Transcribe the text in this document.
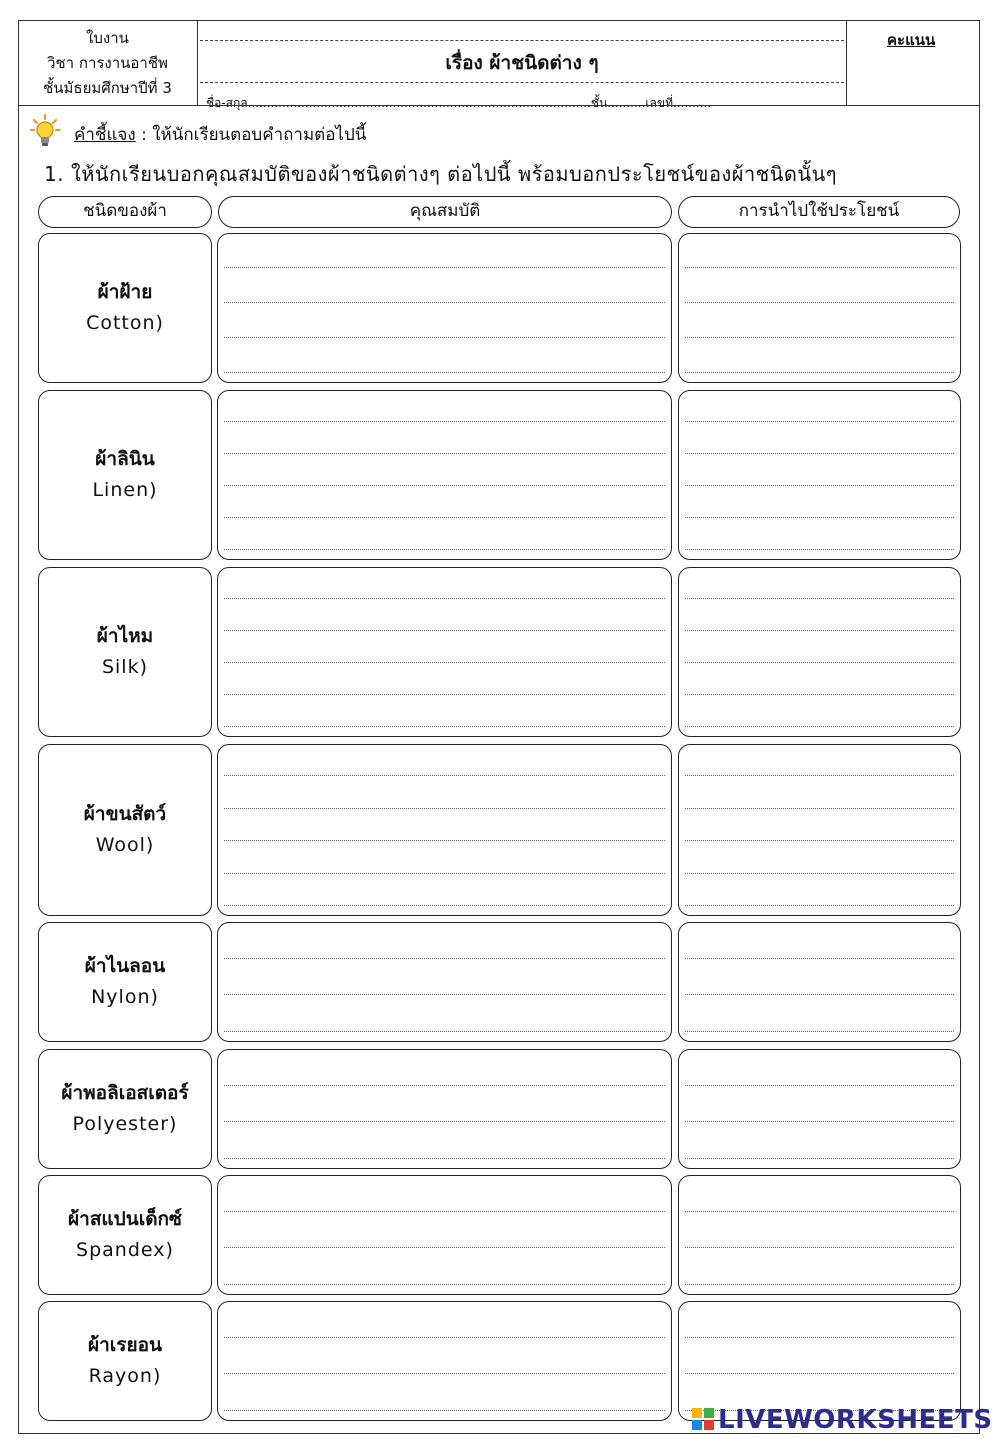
ใบงาน
วิชา การงานอาชีพ
ชั้นมัธยมศึกษาปีที่ 3
เรื่อง ผ้าชนิดต่าง ๆ
ชื่อ-สกุล..........................................................................................ชั้น..........เลขที่..........
คะแนน
คำชี้แจง : ให้นักเรียนตอบคำถามต่อไปนี้
1. ให้นักเรียนบอกคุณสมบัติของผ้าชนิดต่างๆ ต่อไปนี้ พร้อมบอกประโยชน์ของผ้าชนิดนั้นๆ
ชนิดของผ้า	คุณสมบัติ	การนำไปใช้ประโยชน์
ผ้าฝ้าย
Cotton)
ผ้าลินิน
Linen)
ผ้าไหม
Silk)
ผ้าขนสัตว์
Wool)
ผ้าไนลอน
Nylon)
ผ้าพอลิเอสเตอร์
Polyester)
ผ้าสแปนเด็กซ์
Spandex)
ผ้าเรยอน
Rayon)
LIVEWORKSHEETS
